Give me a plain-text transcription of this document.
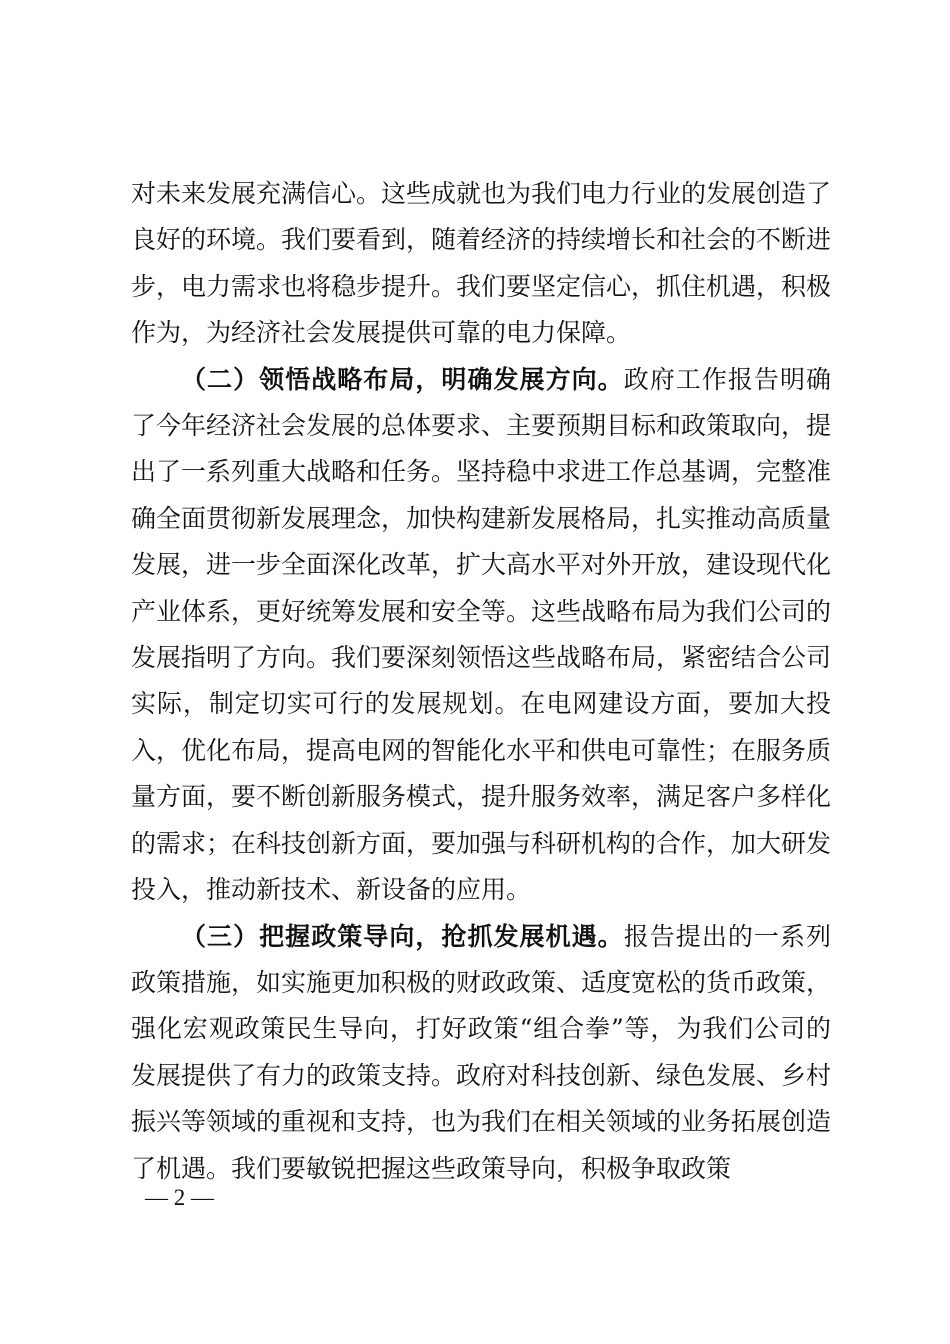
对未来发展充满信心。这些成就也为我们电力行业的发展创造了良好的环境。我们要看到，随着经济的持续增长和社会的不断进步，电力需求也将稳步提升。我们要坚定信心，抓住机遇，积极作为，为经济社会发展提供可靠的电力保障。

（二）领悟战略布局，明确发展方向。政府工作报告明确了今年经济社会发展的总体要求、主要预期目标和政策取向，提出了一系列重大战略和任务。坚持稳中求进工作总基调，完整准确全面贯彻新发展理念，加快构建新发展格局，扎实推动高质量发展，进一步全面深化改革，扩大高水平对外开放，建设现代化产业体系，更好统筹发展和安全等。这些战略布局为我们公司的发展指明了方向。我们要深刻领悟这些战略布局，紧密结合公司实际，制定切实可行的发展规划。在电网建设方面，要加大投入，优化布局，提高电网的智能化水平和供电可靠性；在服务质量方面，要不断创新服务模式，提升服务效率，满足客户多样化的需求；在科技创新方面，要加强与科研机构的合作，加大研发投入，推动新技术、新设备的应用。

（三）把握政策导向，抢抓发展机遇。报告提出的一系列政策措施，如实施更加积极的财政政策、适度宽松的货币政策，强化宏观政策民生导向，打好政策“组合拳”等，为我们公司的发展提供了有力的政策支持。政府对科技创新、绿色发展、乡村振兴等领域的重视和支持，也为我们在相关领域的业务拓展创造了机遇。我们要敏锐把握这些政策导向，积极争取政策

— 2 —
